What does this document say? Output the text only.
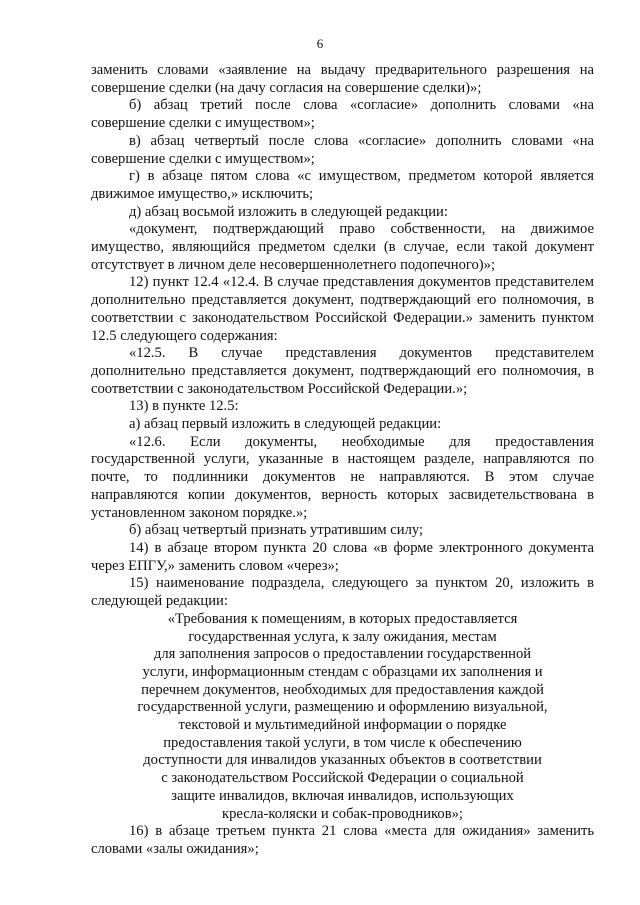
6

заменить словами «заявление на выдачу предварительного разрешения на совершение сделки (на дачу согласия на совершение сделки)»;

б) абзац третий после слова «согласие» дополнить словами «на совершение сделки с имуществом»;

в) абзац четвертый после слова «согласие» дополнить словами «на совершение сделки с имуществом»;

г) в абзаце пятом слова «с имуществом, предметом которой является движимое имущество,» исключить;

д) абзац восьмой изложить в следующей редакции:

«документ, подтверждающий право собственности, на движимое имущество, являющийся предметом сделки (в случае, если такой документ отсутствует в личном деле несовершеннолетнего подопечного)»;

12) пункт 12.4 «12.4. В случае представления документов представителем дополнительно представляется документ, подтверждающий его полномочия, в соответствии с законодательством Российской Федерации.» заменить пунктом 12.5 следующего содержания:

«12.5. В случае представления документов представителем дополнительно представляется документ, подтверждающий его полномочия, в соответствии с законодательством Российской Федерации.»;

13) в пункте 12.5:

а) абзац первый изложить в следующей редакции:

«12.6. Если документы, необходимые для предоставления государственной услуги, указанные в настоящем разделе, направляются по почте, то подлинники документов не направляются. В этом случае направляются копии документов, верность которых засвидетельствована в установленном законом порядке.»;

б) абзац четвертый признать утратившим силу;

14) в абзаце втором пункта 20 слова «в форме электронного документа через ЕПГУ,» заменить словом «через»;

15) наименование подраздела, следующего за пунктом 20, изложить в следующей редакции:

«Требования к помещениям, в которых предоставляется

государственная услуга, к залу ожидания, местам

для заполнения запросов о предоставлении государственной

услуги, информационным стендам с образцами их заполнения и

перечнем документов, необходимых для предоставления каждой

государственной услуги, размещению и оформлению визуальной,

текстовой и мультимедийной информации о порядке

предоставления такой услуги, в том числе к обеспечению

доступности для инвалидов указанных объектов в соответствии

с законодательством Российской Федерации о социальной

защите инвалидов, включая инвалидов, использующих

кресла-коляски и собак-проводников»;

16) в абзаце третьем пункта 21 слова «места для ожидания» заменить словами «залы ожидания»;
